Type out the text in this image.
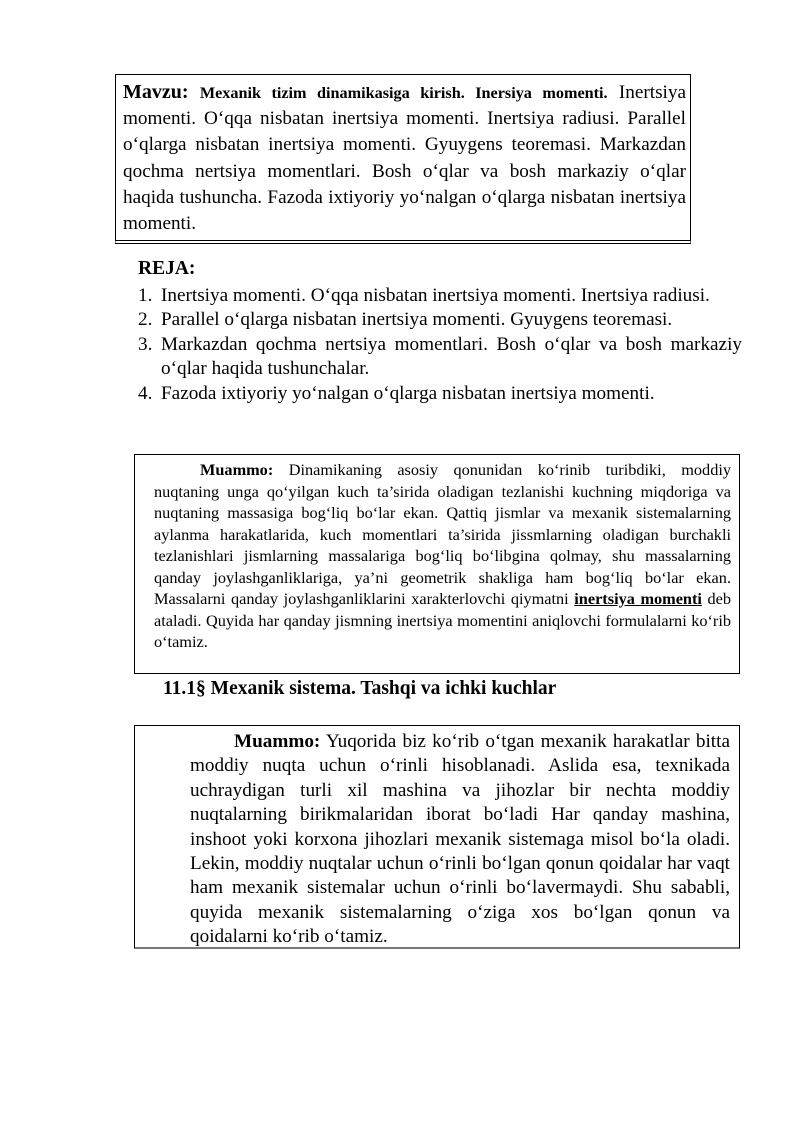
Mavzu: Mexanik tizim dinamikasiga kirish. Inersiya momenti. Inertsiya momenti. O‘qqa nisbatan inertsiya momenti. Inertsiya radiusi. Parallel o‘qlarga nisbatan inertsiya momenti. Gyuygens teoremasi. Markazdan qochma nertsiya momentlari. Bosh o‘qlar va bosh markaziy o‘qlar haqida tushuncha. Fazoda ixtiyoriy yo‘nalgan o‘qlarga nisbatan inertsiya momenti.
REJA:
1. Inertsiya momenti. O‘qqa nisbatan inertsiya momenti. Inertsiya radiusi.
2. Parallel o‘qlarga nisbatan inertsiya momenti. Gyuygens teoremasi.
3. Markazdan qochma nertsiya momentlari. Bosh o‘qlar va bosh markaziy o‘qlar haqida tushunchalar.
4. Fazoda ixtiyoriy yo‘nalgan o‘qlarga nisbatan inertsiya momenti.
Muammo: Dinamikaning asosiy qonunidan ko‘rinib turibdiki, moddiy nuqtaning unga qo‘yilgan kuch ta’sirida oladigan tezlanishi kuchning miqdoriga va nuqtaning massasiga bog‘liq bo‘lar ekan. Qattiq jismlar va mexanik sistemalarning aylanma harakatlarida, kuch momentlari ta’sirida jissmlarning oladigan burchakli tezlanishlari jismlarning massalariga bog‘liq bo‘libgina qolmay, shu massalarning qanday joylashganliklariga, ya’ni geometrik shakliga ham bog‘liq bo‘lar ekan. Massalarni qanday joylashganliklarini xarakterlovchi qiymatni inertsiya momenti deb ataladi. Quyida har qanday jismning inertsiya momentini aniqlovchi formulalarni ko‘rib o‘tamiz.
11.1§ Mexanik sistema. Tashqi va ichki kuchlar
Muammo: Yuqorida biz ko‘rib o‘tgan mexanik harakatlar bitta moddiy nuqta uchun o‘rinli hisoblanadi. Aslida esa, texnikada uchraydigan turli xil mashina va jihozlar bir nechta moddiy nuqtalarning birikmalaridan iborat bo‘ladi Har qanday mashina, inshoot yoki korxona jihozlari mexanik sistemaga misol bo‘la oladi. Lekin, moddiy nuqtalar uchun o‘rinli bo‘lgan qonun qoidalar har vaqt ham mexanik sistemalar uchun o‘rinli bo‘lavermaydi. Shu sababli, quyida mexanik sistemalarning o‘ziga xos bo‘lgan qonun va qoidalarni ko‘rib o‘tamiz.
